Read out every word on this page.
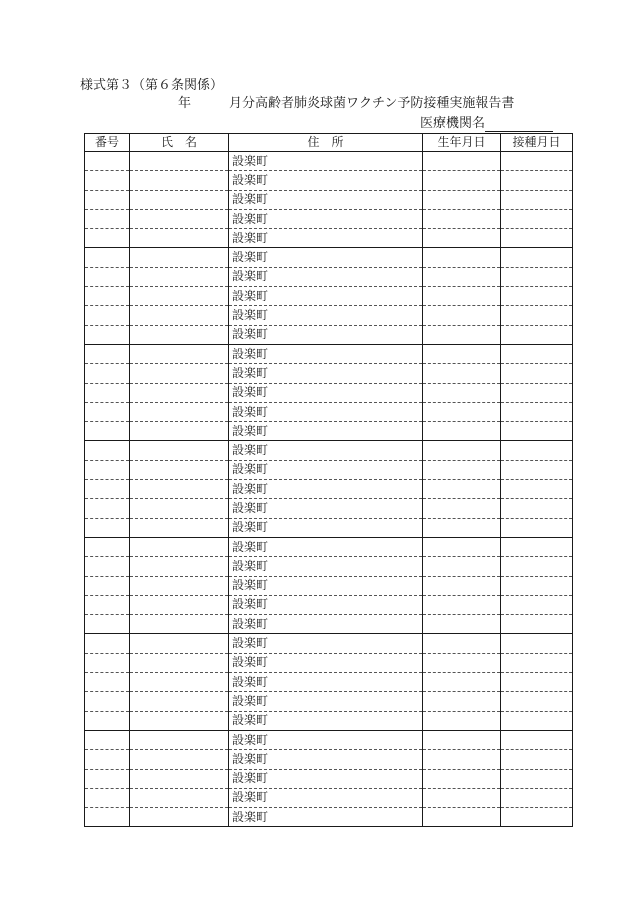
様式第３（第６条関係）
年	月分高齢者肺炎球菌ワクチン予防接種実施報告書
医療機関名
番号	氏　名	住　所	生年月日	接種月日
		設楽町		
		設楽町		
		設楽町		
		設楽町		
		設楽町		
		設楽町		
		設楽町		
		設楽町		
		設楽町		
		設楽町		
		設楽町		
		設楽町		
		設楽町		
		設楽町		
		設楽町		
		設楽町		
		設楽町		
		設楽町		
		設楽町		
		設楽町		
		設楽町		
		設楽町		
		設楽町		
		設楽町		
		設楽町		
		設楽町		
		設楽町		
		設楽町		
		設楽町		
		設楽町		
		設楽町		
		設楽町		
		設楽町		
		設楽町		
		設楽町		
